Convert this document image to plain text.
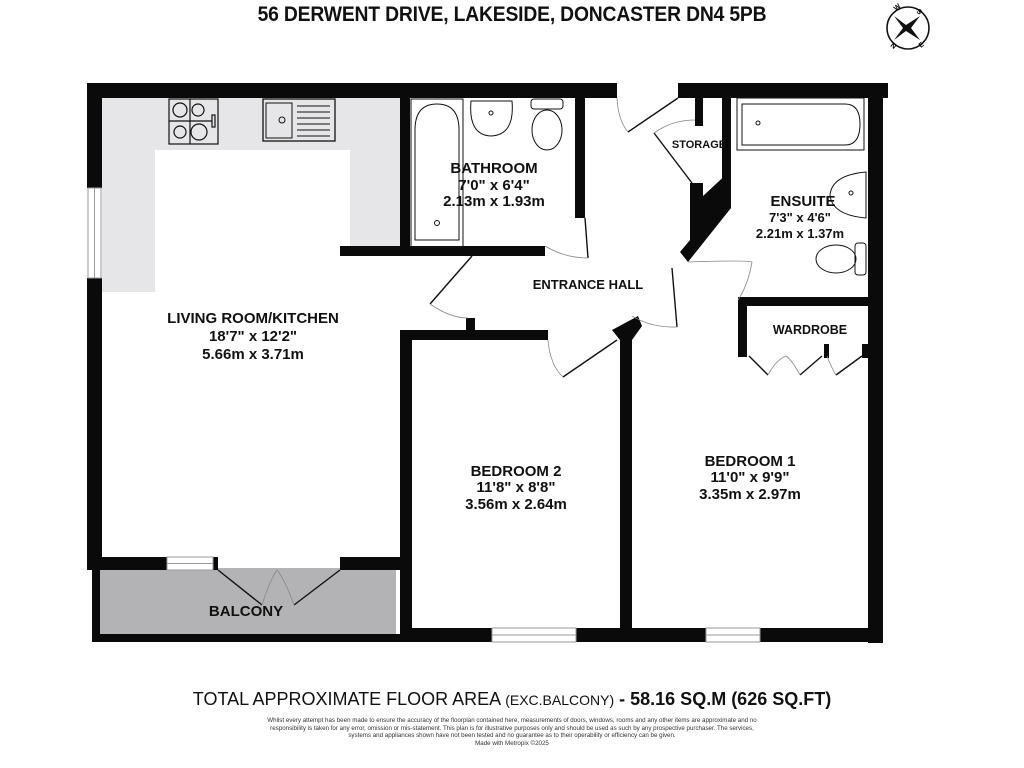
56 DERWENT DRIVE, LAKESIDE, DONCASTER DN4 5PB	W S
N	E
LIVING ROOM/KITCHEN
18'7" x 12'2"
5.66m x 3.71m
BATHROOM
7'0" x 6'4"
2.13m x 1.93m
STORAGE
ENSUITE
7'3" x 4'6"
2.21m x 1.37m
ENTRANCE HALL
WARDROBE
BEDROOM 2
11'8" x 8'8"
3.56m x 2.64m
BEDROOM 1
11'0" x 9'9"
3.35m x 2.97m
BALCONY
TOTAL APPROXIMATE FLOOR AREA (EXC.BALCONY) - 58.16 SQ.M (626 SQ.FT)
Whilst every attempt has been made to ensure the accuracy of the floorplan contained here, measurements of doors, windows, rooms and any other items are approximate and no responsibility is taken for any error, omission or mis-statement. This plan is for illustrative purposes only and should be used as such by any prospective purchaser. The services, systems and appliances shown have not been tested and no guarantee as to their operability or efficiency can be given.
Made with Metropix ©2025
